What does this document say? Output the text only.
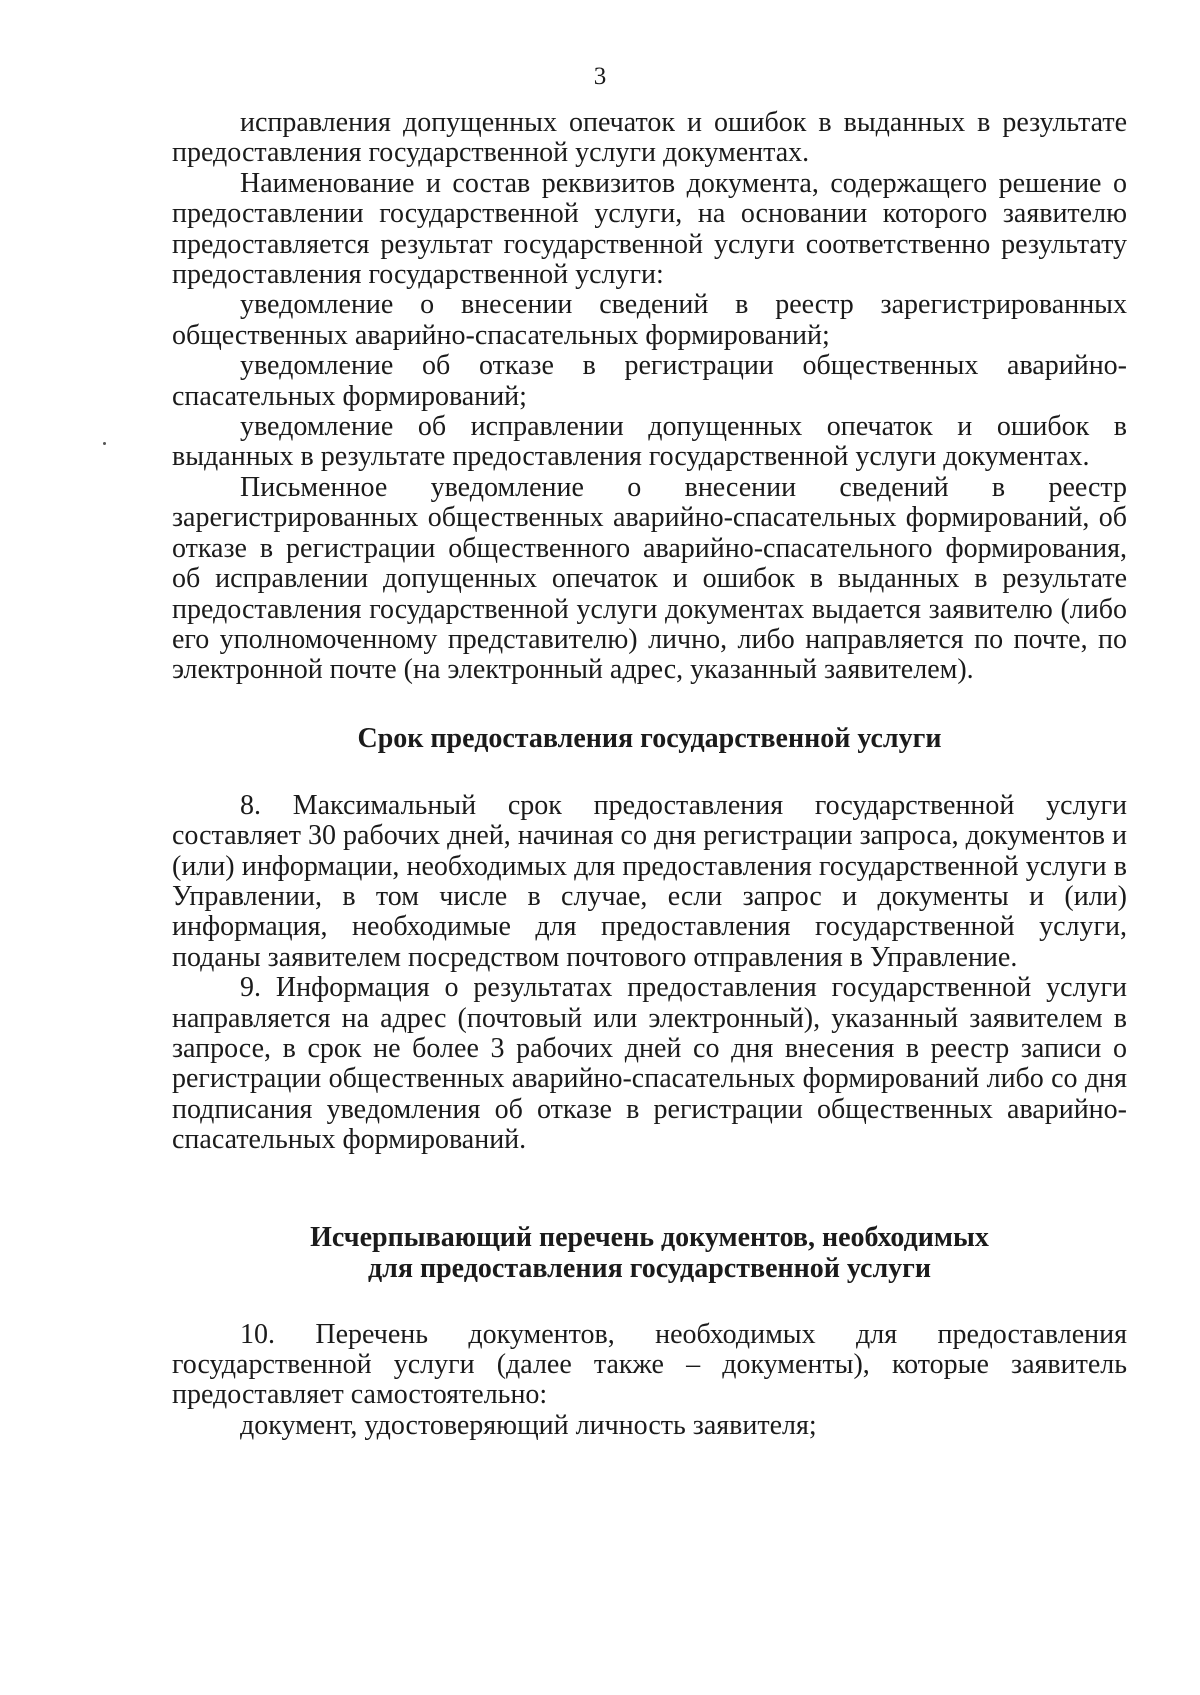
3

исправления допущенных опечаток и ошибок в выданных в результате предоставления государственной услуги документах.

Наименование и состав реквизитов документа, содержащего решение о предоставлении государственной услуги, на основании которого заявителю предоставляется результат государственной услуги соответственно результату предоставления государственной услуги:

уведомление о внесении сведений в реестр зарегистрированных общественных аварийно-спасательных формирований;

уведомление об отказе в регистрации общественных аварийно-спасательных формирований;

уведомление об исправлении допущенных опечаток и ошибок в выданных в результате предоставления государственной услуги документах.

Письменное уведомление о внесении сведений в реестр зарегистрированных общественных аварийно-спасательных формирований, об отказе в регистрации общественного аварийно-спасательного формирования, об исправлении допущенных опечаток и ошибок в выданных в результате предоставления государственной услуги документах выдается заявителю (либо его уполномоченному представителю) лично, либо направляется по почте, по электронной почте (на электронный адрес, указанный заявителем).

Срок предоставления государственной услуги

8. Максимальный срок предоставления государственной услуги составляет 30 рабочих дней, начиная со дня регистрации запроса, документов и (или) информации, необходимых для предоставления государственной услуги в Управлении, в том числе в случае, если запрос и документы и (или) информация, необходимые для предоставления государственной услуги, поданы заявителем посредством почтового отправления в Управление.

9. Информация о результатах предоставления государственной услуги направляется на адрес (почтовый или электронный), указанный заявителем в запросе, в срок не более 3 рабочих дней со дня внесения в реестр записи о регистрации общественных аварийно-спасательных формирований либо со дня подписания уведомления об отказе в регистрации общественных аварийно-спасательных формирований.

Исчерпывающий перечень документов, необходимых
для предоставления государственной услуги

10. Перечень документов, необходимых для предоставления государственной услуги (далее также – документы), которые заявитель предоставляет самостоятельно:

документ, удостоверяющий личность заявителя;
